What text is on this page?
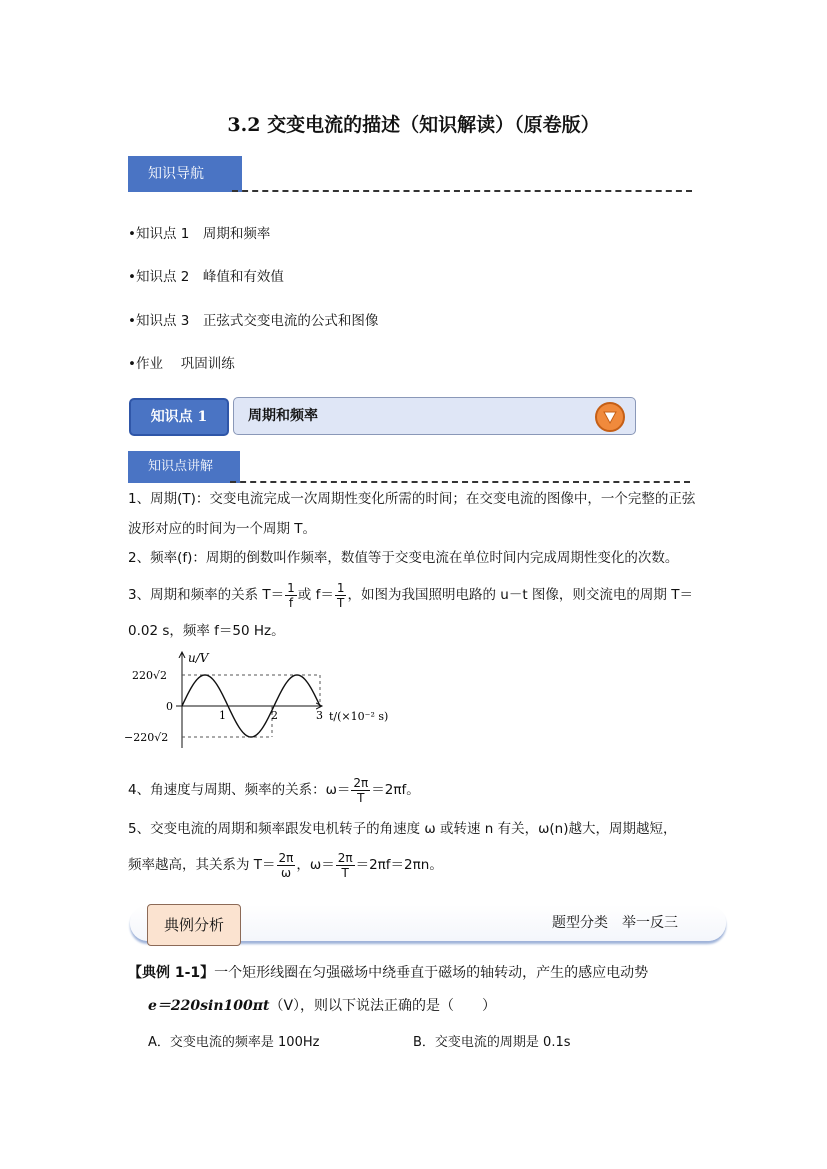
3.2 交变电流的描述（知识解读）（原卷版）
知识导航
•知识点 1　周期和频率
•知识点 2　峰值和有效值
•知识点 3　正弦式交变电流的公式和图像
•作业　 巩固训练
知识点 1	周期和频率
知识点讲解
1、周期(T)：交变电流完成一次周期性变化所需的时间；在交变电流的图像中，一个完整的正弦波形对应的时间为一个周期 T。
2、频率(f)：周期的倒数叫作频率，数值等于交变电流在单位时间内完成周期性变化的次数。
3、周期和频率的关系 $T= \frac{1}{f}$ 或 $f= \frac{1}{T}$ ，如图为我国照明电路的 u－t 图像，则交流电的周期 T＝
0.02 s，频率 f＝50 Hz。
u/V
220√2
0
−220√2
1	2	3 t/(×10⁻² s)
4、角速度与周期、频率的关系：$\omega= \frac{2\pi}{T} =2\pi f$。
5、交变电流的周期和频率跟发电机转子的角速度 ω 或转速 n 有关，ω(n)越大，周期越短，
频率越高，其关系为 $T= \frac{2\pi}{\omega}$ ，$\omega= \frac{2\pi}{T} =2\pi f=2\pi n$。
典例分析	题型分类　举一反三
【典例 1-1】一个矩形线圈在匀强磁场中绕垂直于磁场的轴转动，产生的感应电动势
e＝220sin100πt（V），则以下说法正确的是（　　）
A．交变电流的频率是 100Hz	B．交变电流的周期是 0.1s
